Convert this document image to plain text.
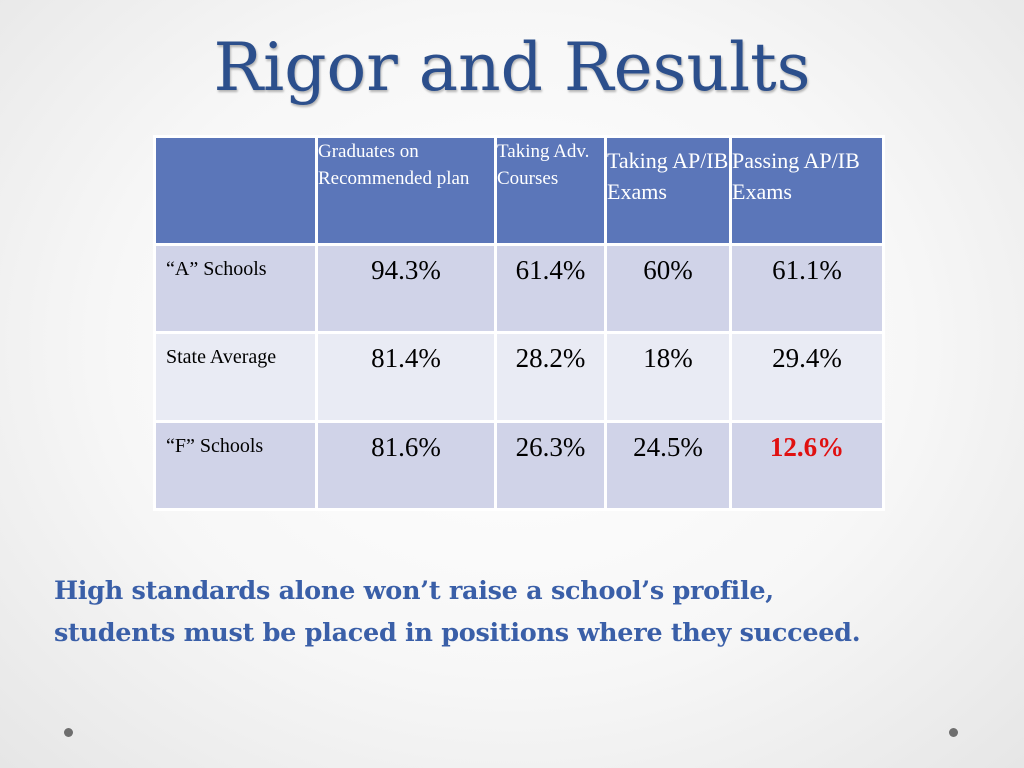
Rigor and Results
	Graduates on Recommended plan	Taking Adv. Courses	Taking AP/IB Exams	Passing AP/IB Exams
“A” Schools	94.3%	61.4%	60%	61.1%
State Average	81.4%	28.2%	18%	29.4%
“F” Schools	81.6%	26.3%	24.5%	12.6%
High standards alone won’t raise a school’s profile,
students must be placed in positions where they succeed.
